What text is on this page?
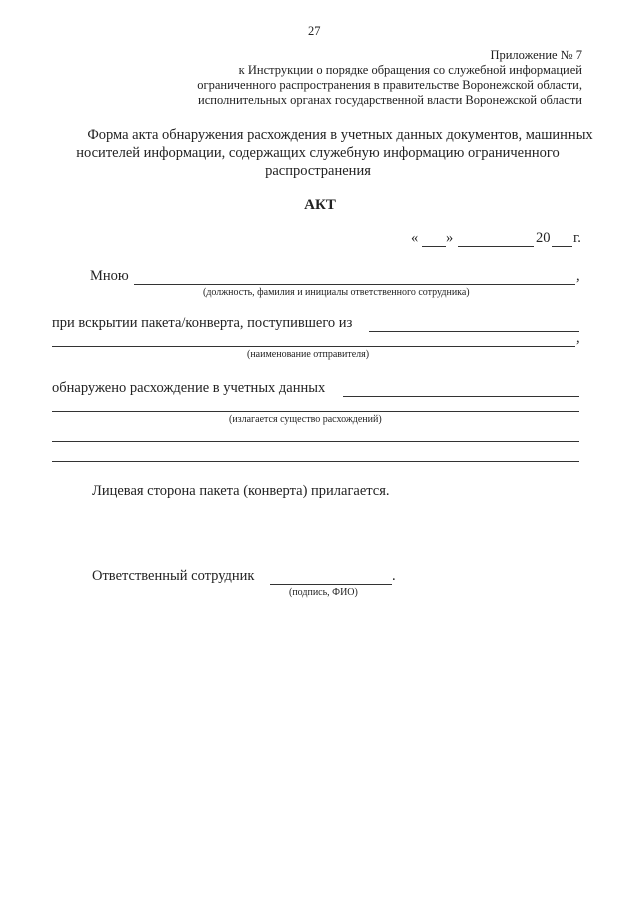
27
Приложение № 7
к Инструкции о порядке обращения со служебной информацией
ограниченного распространения в правительстве Воронежской области,
исполнительных органах государственной власти Воронежской области
Форма акта обнаружения расхождения в учетных данных документов, машинных
носителей информации, содержащих служебную информацию ограниченного
распространения
АКТ
« »	20 г.
Мною	,
(должность, фамилия и инициалы ответственного сотрудника)
при вскрытии пакета/конверта, поступившего из
,
(наименование отправителя)
обнаружено расхождение в учетных данных
(излагается существо расхождений)
Лицевая сторона пакета (конверта) прилагается.
Ответственный сотрудник	.
(подпись, ФИО)
